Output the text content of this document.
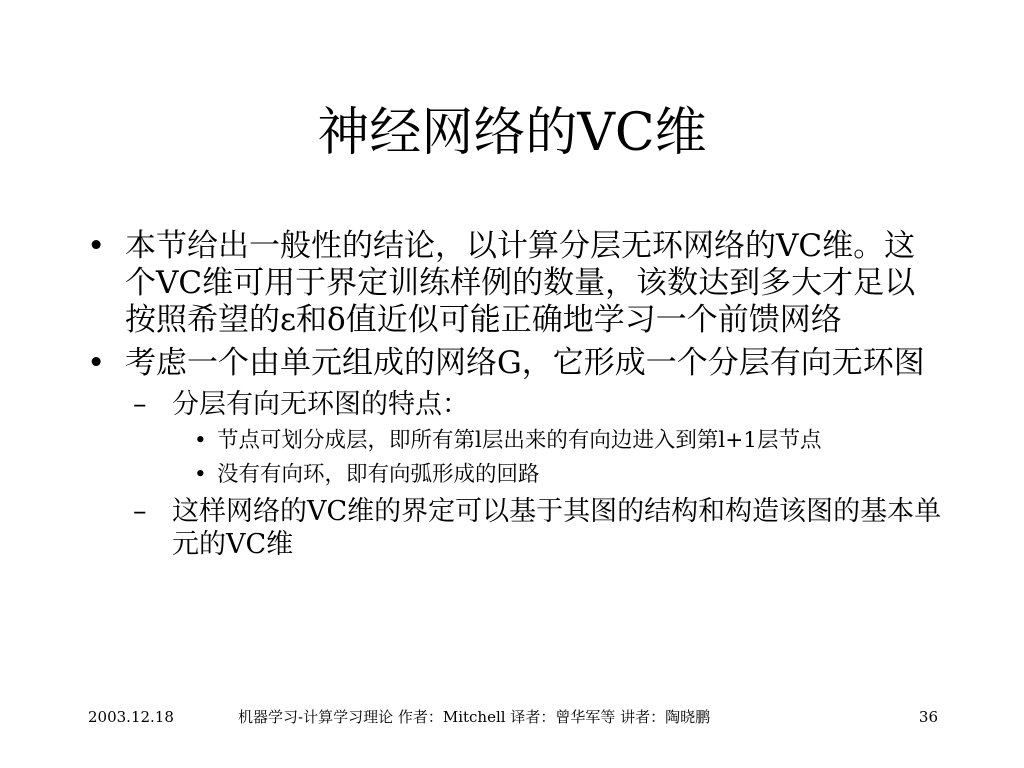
神经网络的VC维
• 本节给出一般性的结论，以计算分层无环网络的VC维。这个VC维可用于界定训练样例的数量，该数达到多大才足以按照希望的ε和δ值近似可能正确地学习一个前馈网络
• 考虑一个由单元组成的网络G，它形成一个分层有向无环图
– 分层有向无环图的特点：
• 节点可划分成层，即所有第l层出来的有向边进入到第l+1层节点
• 没有有向环，即有向弧形成的回路
– 这样网络的VC维的界定可以基于其图的结构和构造该图的基本单元的VC维
2003.12.18	机器学习-计算学习理论 作者：Mitchell 译者：曾华军等 讲者：陶晓鹏	36
